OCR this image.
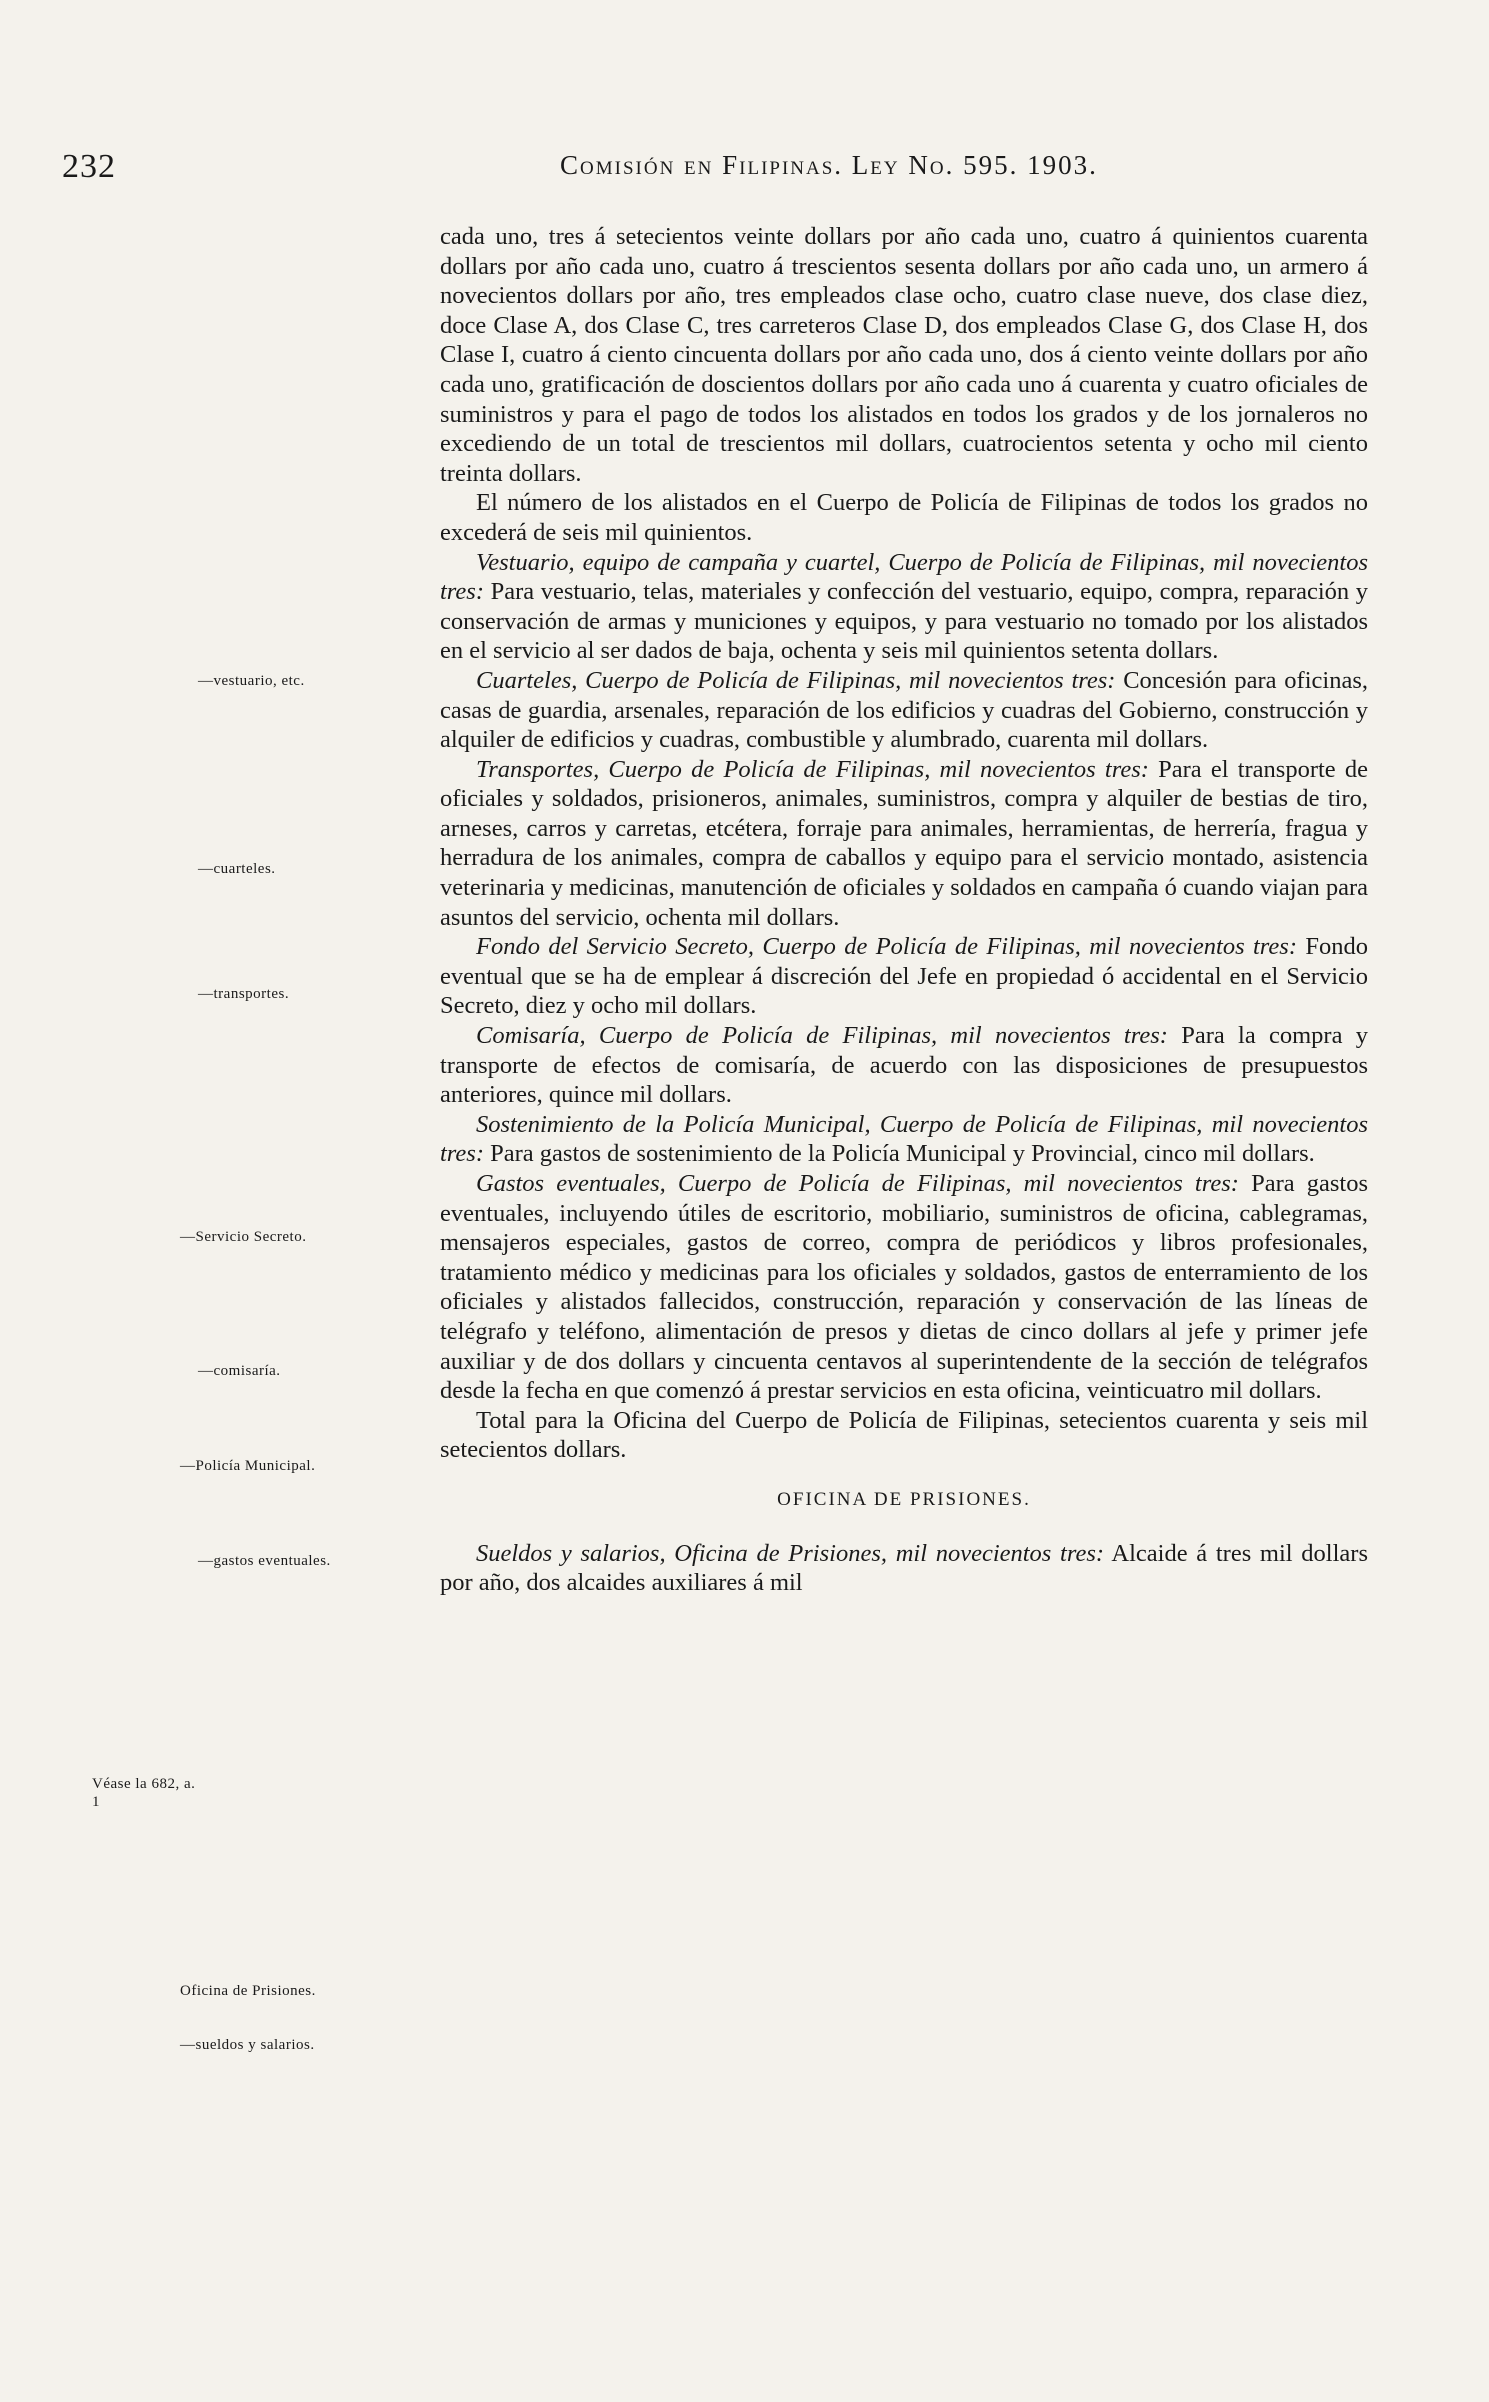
232	Comisión en Filipinas. Ley No. 595. 1903.
—vestuario, etc.
—cuarteles.
—transportes.
—Servicio Secreto.
—comisaría.
—Policía Municipal.
—gastos eventuales.
Véase la 682, a. 1
Oficina de Prisiones.
—sueldos y salarios.

cada uno, tres á setecientos veinte dollars por año cada uno, cuatro á quinientos cuarenta dollars por año cada uno, cuatro á trescientos sesenta dollars por año cada uno, un armero á novecientos dollars por año, tres empleados clase ocho, cuatro clase nueve, dos clase diez, doce Clase A, dos Clase C, tres carreteros Clase D, dos empleados Clase G, dos Clase H, dos Clase I, cuatro á ciento cincuenta dollars por año cada uno, dos á ciento veinte dollars por año cada uno, gratificación de doscientos dollars por año cada uno á cuarenta y cuatro oficiales de suministros y para el pago de todos los alistados en todos los grados y de los jornaleros no excediendo de un total de trescientos mil dollars, cuatrocientos setenta y ocho mil ciento treinta dollars.

El número de los alistados en el Cuerpo de Policía de Filipinas de todos los grados no excederá de seis mil quinientos.

Vestuario, equipo de campaña y cuartel, Cuerpo de Policía de Filipinas, mil novecientos tres: Para vestuario, telas, materiales y confección del vestuario, equipo, compra, reparación y conservación de armas y municiones y equipos, y para vestuario no tomado por los alistados en el servicio al ser dados de baja, ochenta y seis mil quinientos setenta dollars.

Cuarteles, Cuerpo de Policía de Filipinas, mil novecientos tres: Concesión para oficinas, casas de guardia, arsenales, reparación de los edificios y cuadras del Gobierno, construcción y alquiler de edificios y cuadras, combustible y alumbrado, cuarenta mil dollars.

Transportes, Cuerpo de Policía de Filipinas, mil novecientos tres: Para el transporte de oficiales y soldados, prisioneros, animales, suministros, compra y alquiler de bestias de tiro, arneses, carros y carretas, etcétera, forraje para animales, herramientas, de herrería, fragua y herradura de los animales, compra de caballos y equipo para el servicio montado, asistencia veterinaria y medicinas, manutención de oficiales y soldados en campaña ó cuando viajan para asuntos del servicio, ochenta mil dollars.

Fondo del Servicio Secreto, Cuerpo de Policía de Filipinas, mil novecientos tres: Fondo eventual que se ha de emplear á discreción del Jefe en propiedad ó accidental en el Servicio Secreto, diez y ocho mil dollars.

Comisaría, Cuerpo de Policía de Filipinas, mil novecientos tres: Para la compra y transporte de efectos de comisaría, de acuerdo con las disposiciones de presupuestos anteriores, quince mil dollars.

Sostenimiento de la Policía Municipal, Cuerpo de Policía de Filipinas, mil novecientos tres: Para gastos de sostenimiento de la Policía Municipal y Provincial, cinco mil dollars.

Gastos eventuales, Cuerpo de Policía de Filipinas, mil novecientos tres: Para gastos eventuales, incluyendo útiles de escritorio, mobiliario, suministros de oficina, cablegramas, mensajeros especiales, gastos de correo, compra de periódicos y libros profesionales, tratamiento médico y medicinas para los oficiales y soldados, gastos de enterramiento de los oficiales y alistados fallecidos, construcción, reparación y conservación de las líneas de telégrafo y teléfono, alimentación de presos y dietas de cinco dollars al jefe y primer jefe auxiliar y de dos dollars y cincuenta centavos al superintendente de la sección de telégrafos desde la fecha en que comenzó á prestar servicios en esta oficina, veinticuatro mil dollars.

Total para la Oficina del Cuerpo de Policía de Filipinas, setecientos cuarenta y seis mil setecientos dollars.

OFICINA DE PRISIONES.

Sueldos y salarios, Oficina de Prisiones, mil novecientos tres: Alcaide á tres mil dollars por año, dos alcaides auxiliares á mil
